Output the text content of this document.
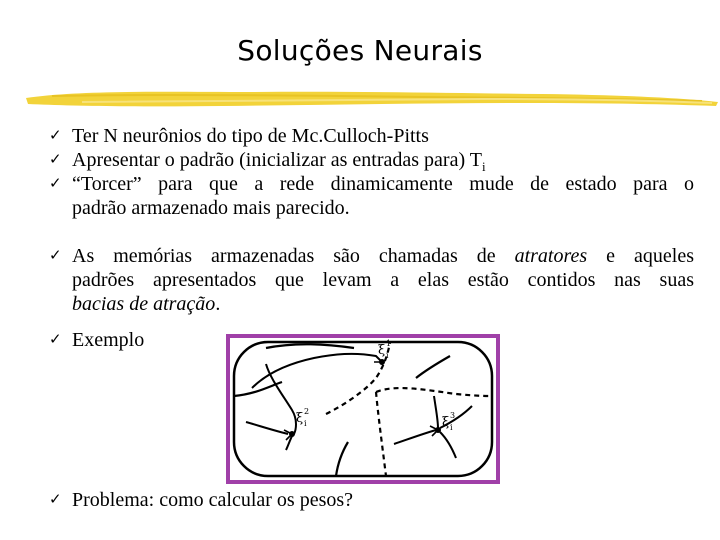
Soluções Neurais
✓ Ter N neurônios do tipo de Mc.Culloch-Pitts
✓ Apresentar o padrão (inicializar as entradas para) $T_i$
✓ “Torcer” para que a rede dinamicamente mude de estado para o
padrão armazenado mais parecido.
✓ As memórias armazenadas são chamadas de atratores e aqueles
padrões apresentados que levam a elas estão contidos nas suas
bacias de atração.
✓ Exemplo
✓ Problema: como calcular os pesos?
ξ 1
i
ξ 2
i	ξ 3
i
